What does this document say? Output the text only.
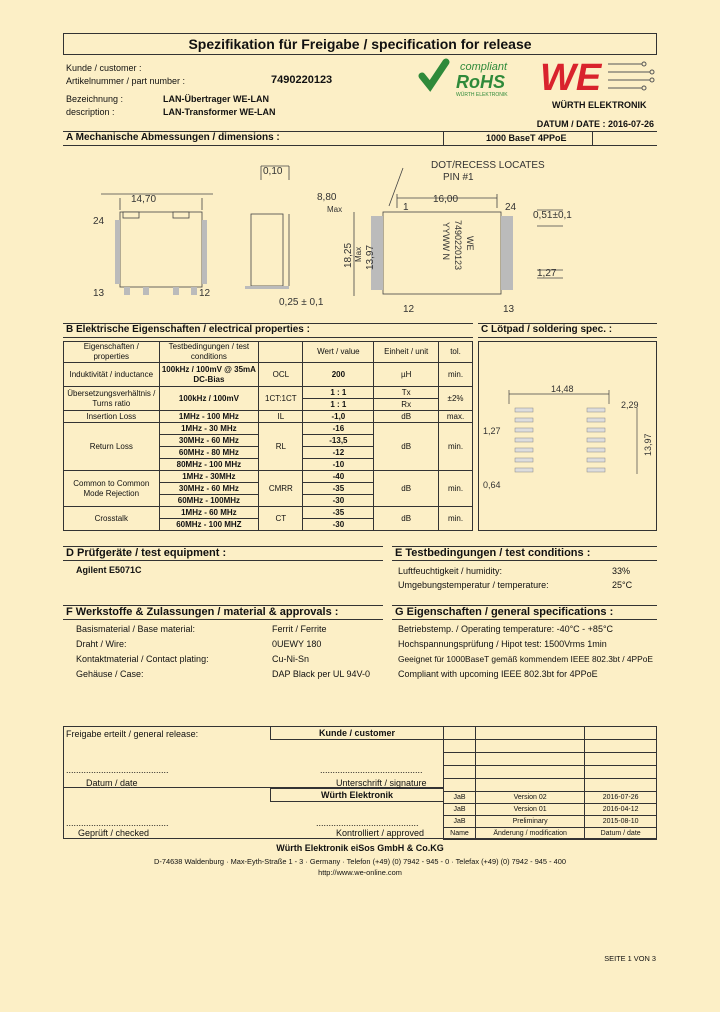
Spezifikation für Freigabe / specification for release
Kunde / customer :
Artikelnummer / part number :	7490220123
Bezeichnung :	LAN-Übertrager WE-LAN
description :	LAN-Transformer WE-LAN
compliant
RoHS
WÜRTH ELEKTRONIK WE
WÜRTH ELEKTRONIK
DATUM / DATE : 2016-07-26
A Mechanische Abmessungen / dimensions :	1000 BaseT 4PPoE
0,10
14,70
24
13	12
8,80
Max
0,25 ± 0,1
DOT/RECESS LOCATES
PIN #1
1
16,00
24
12	13
0,51±0,1
1,27
18,25 Max 13,97
WE
7490220123
YYWW N
B Elektrische Eigenschaften / electrical properties :
Eigenschaften / properties	Testbedingungen / test conditions		Wert / value	Einheit / unit	tol.
Induktivität / inductance	100kHz / 100mV @ 35mA DC-Bias	OCL	200	µH	min.
Übersetzungsverhältnis / Turns ratio	100kHz / 100mV	1CT:1CT	1 : 1	Tx	±2%
			1 : 1	Rx	
Insertion Loss	1MHz - 100 MHz	IL	-1,0	dB	max.
Return Loss	1MHz - 30 MHz	RL	-16	dB	min.
	30MHz - 60 MHz		-13,5		
	60MHz - 80 MHz		-12		
	80MHz - 100 MHz		-10		
Common to Common Mode Rejection	1MHz - 30MHz	CMRR	-40	dB	min.
	30MHz - 60 MHz		-35		
	60MHz - 100MHz		-30		
Crosstalk	1MHz - 60 MHz	CT	-35	dB	min.
	60MHz - 100 MHZ		-30		
C Lötpad / soldering spec. :
14,48
2,29
1,27
13,97
0,64
D Prüfgeräte / test equipment :
Agilent E5071C
E Testbedingungen / test conditions :
Luftfeuchtigkeit / humidity:	33%
Umgebungstemperatur / temperature:	25°C
F Werkstoffe & Zulassungen / material & approvals :
Basismaterial / Base material:	Ferrit / Ferrite
Draht / Wire:	0UEWY 180
Kontaktmaterial / Contact plating:	Cu-Ni-Sn
Gehäuse / Case:	DAP Black per UL 94V-0
G Eigenschaften / general specifications :
Betriebstemp. / Operating temperature: -40°C - +85°C
Hochspannungsprüfung / Hipot test: 1500Vrms 1min
Geeignet für 1000BaseT gemäß kommendem IEEE 802.3bt / 4PPoE
Compliant with upcoming IEEE 802.3bt for 4PPoE
Freigabe erteilt / general release:	Kunde / customer
.........................................	.........................................
Datum / date	Unterschrift / signature
Würth Elektronik
.........................................	.........................................
Geprüft / checked	Kontrolliert / approved

JaB	Version 02	2016-07-26
JaB	Version 01	2016-04-12
JaB	Preliminary	2015-08-10
Name	Änderung / modification	Datum / date
Würth Elektronik eiSos GmbH & Co.KG
D-74638 Waldenburg · Max-Eyth-Straße 1 - 3 · Germany · Telefon (+49) (0) 7942 - 945 - 0 · Telefax (+49) (0) 7942 - 945 - 400
http://www.we-online.com
SEITE 1 VON 3
